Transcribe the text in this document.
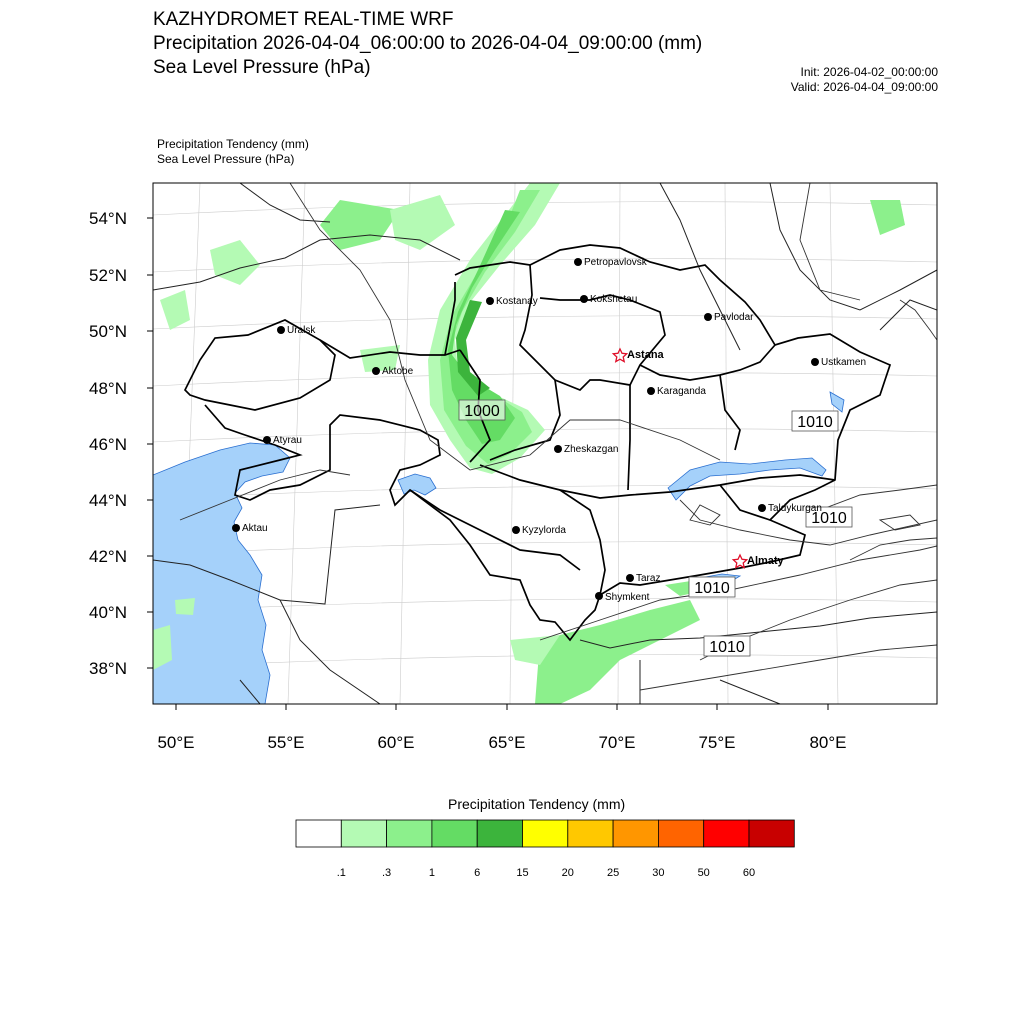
KAZHYDROMET REAL-TIME WRF
Precipitation 2026-04-04_06:00:00 to 2026-04-04_09:00:00 (mm)
Sea Level Pressure (hPa)	Init: 2026-04-02_00:00:00
Valid: 2026-04-04_09:00:00
Precipitation Tendency (mm)
Sea Level Pressure (hPa)
54°N
52°N
50°N
48°N
46°N
44°N
42°N
40°N
38°N
50°E	55°E	60°E	65°E	70°E	75°E	80°E
1000
1010
1010
1010
1010
Petropavlovsk
Kostanay	Kokshetau
Pavlodar
Uralsk
Aktobe
Astana
Ustkamen
Karaganda
Atyrau
Zheskazgan
Taldykurgan
Aktau	Kyzylorda
Almaty
Taraz
Shymkent
Precipitation Tendency (mm)
.1	.3	1	6	15	20	25	30	50	60
